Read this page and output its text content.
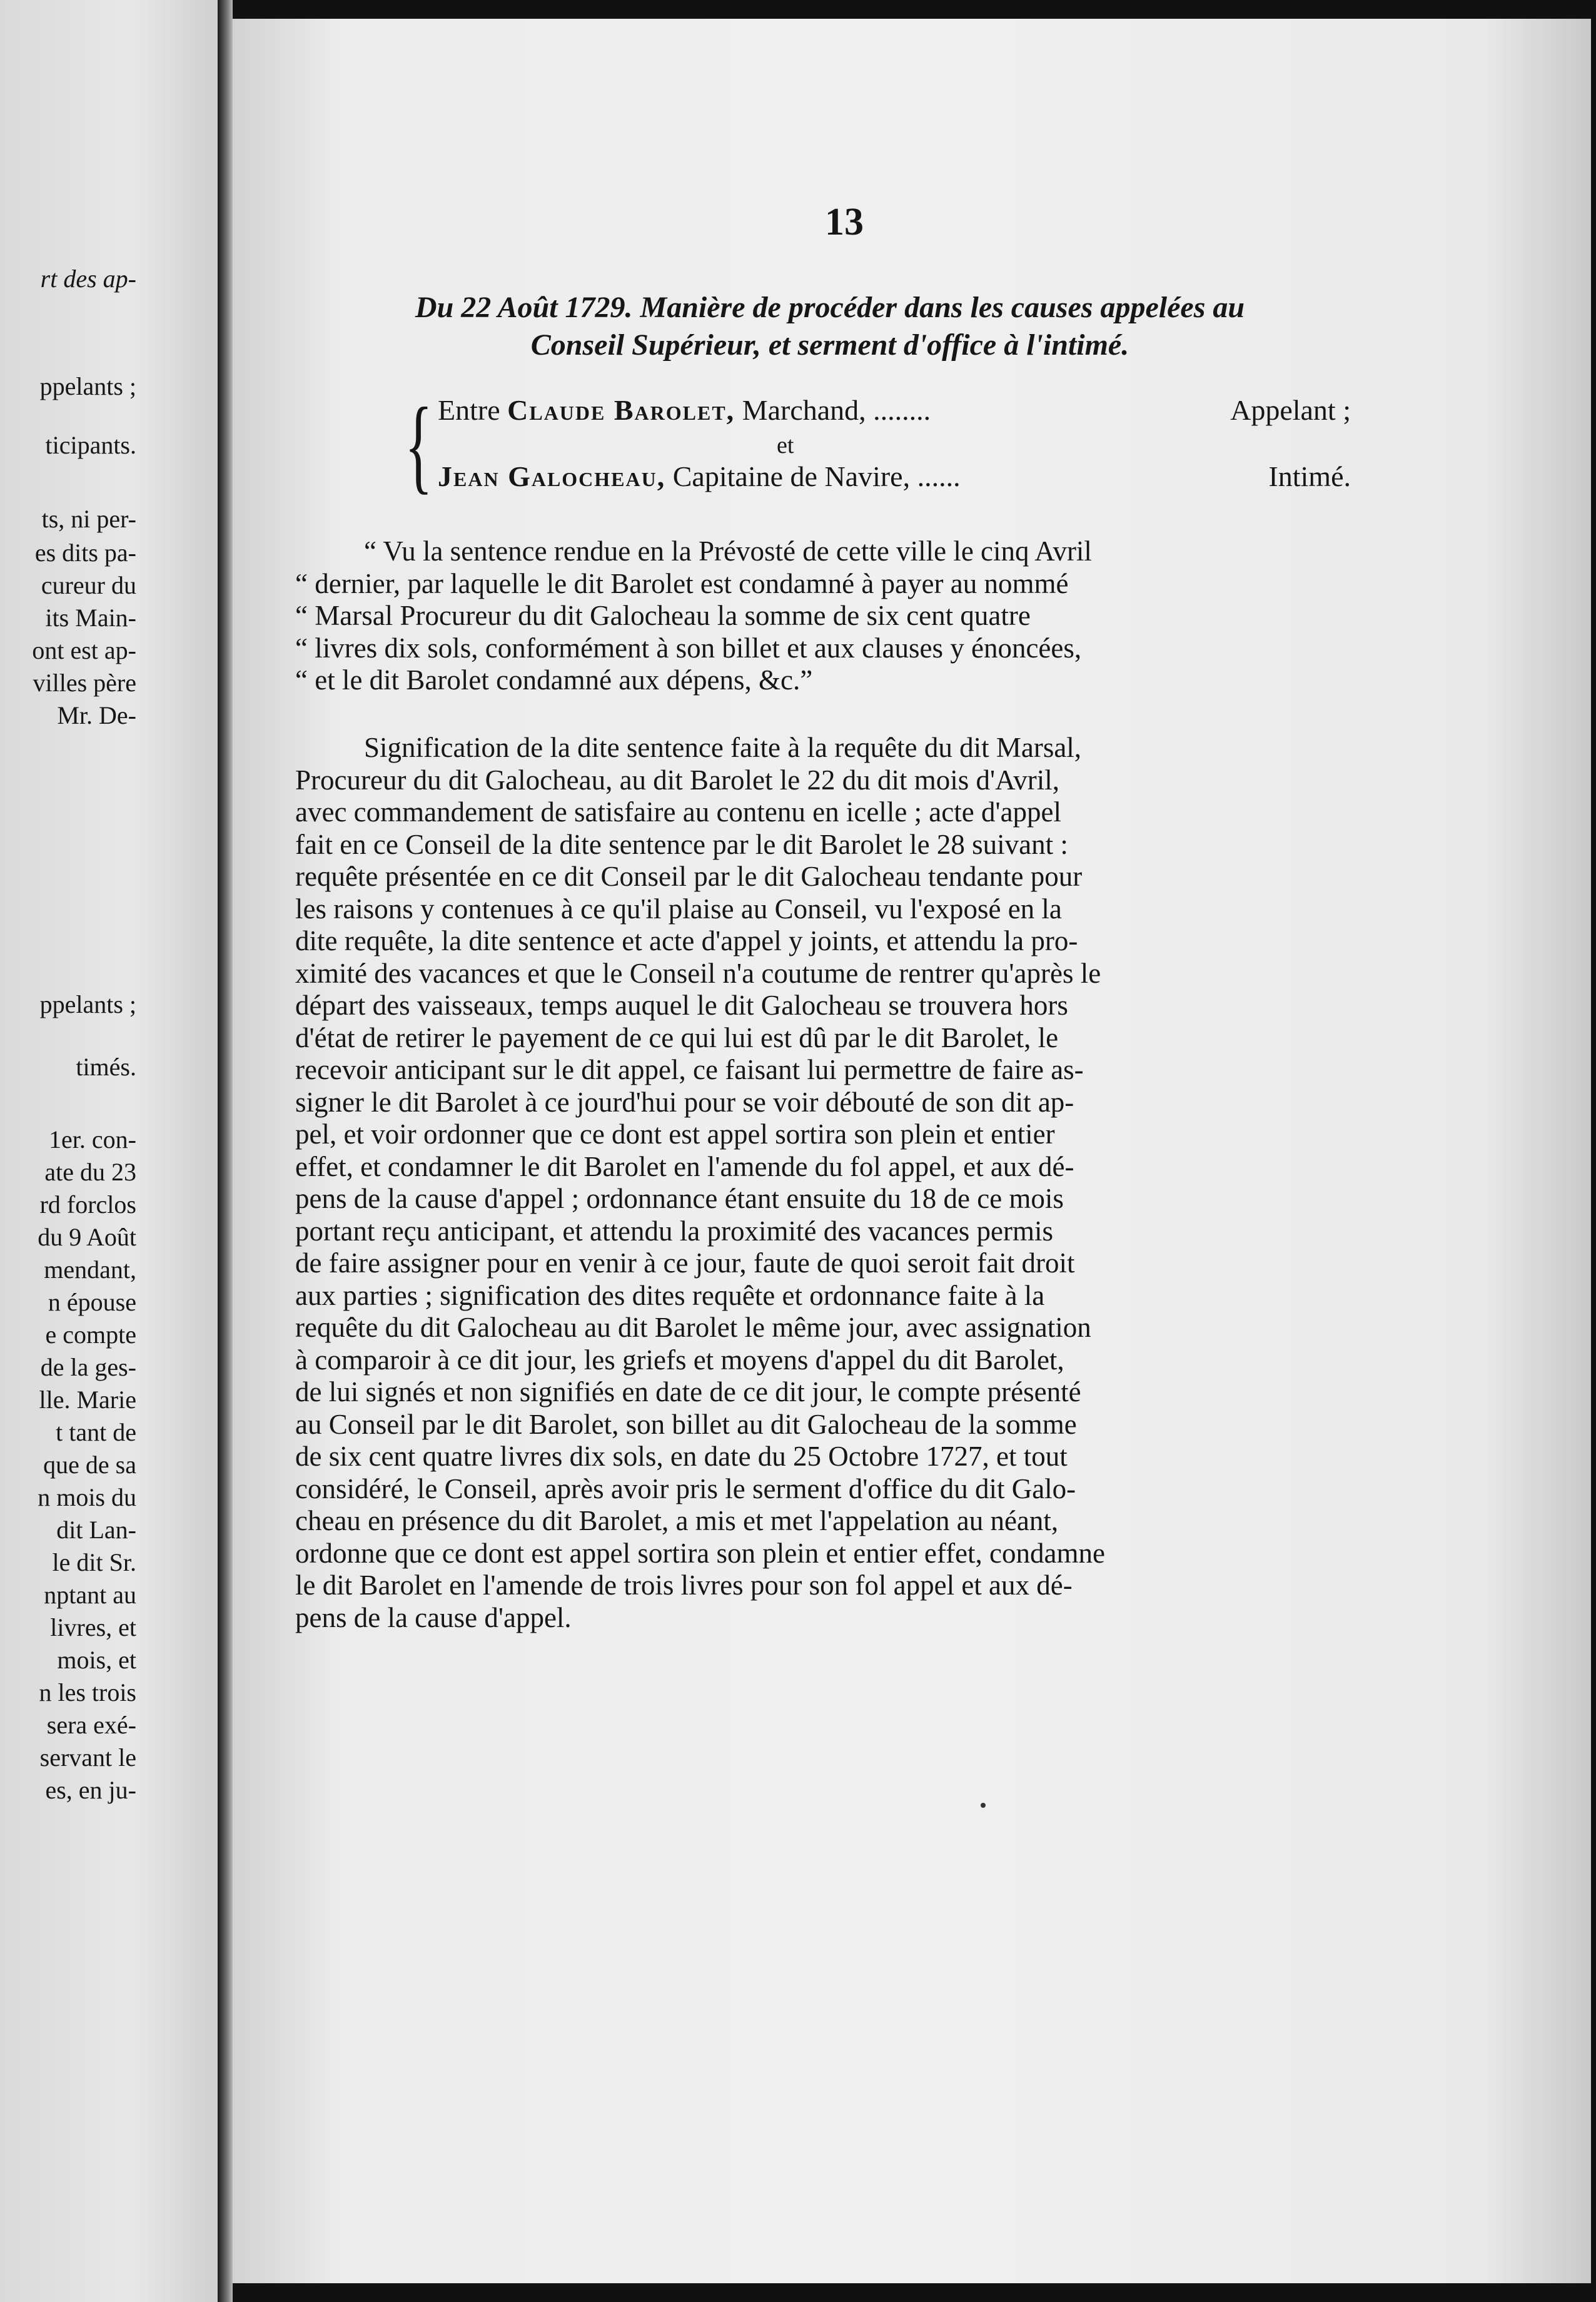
rt des ap-
ppelants ;
ticipants.
ts, ni per-
es dits pa-
cureur du
its Main-
ont est ap-
villes père
Mr. De-
ppelants ;
timés.
1er. con-
ate du 23
rd forclos
du 9 Août
mendant,
n épouse
e compte
de la ges-
lle. Marie
t tant de
que de sa
n mois du
dit Lan-
le dit Sr.
nptant au
livres, et
mois, et
n les trois
sera exé-
servant le
es, en ju-
13
Du 22 Août 1729. Manière de procéder dans les causes appelées au
Conseil Supérieur, et serment d'office à l'intimé.
{ Entre Claude Barolet, Marchand, ........	Appelant ;
et
Jean Galocheau, Capitaine de Navire, ......	Intimé.
“ Vu la sentence rendue en la Prévosté de cette ville le cinq Avril
“ dernier, par laquelle le dit Barolet est condamné à payer au nommé
“ Marsal Procureur du dit Galocheau la somme de six cent quatre
“ livres dix sols, conformément à son billet et aux clauses y énoncées,
“ et le dit Barolet condamné aux dépens, &c.”
Signification de la dite sentence faite à la requête du dit Marsal,
Procureur du dit Galocheau, au dit Barolet le 22 du dit mois d'Avril,
avec commandement de satisfaire au contenu en icelle ; acte d'appel
fait en ce Conseil de la dite sentence par le dit Barolet le 28 suivant :
requête présentée en ce dit Conseil par le dit Galocheau tendante pour
les raisons y contenues à ce qu'il plaise au Conseil, vu l'exposé en la
dite requête, la dite sentence et acte d'appel y joints, et attendu la pro-
ximité des vacances et que le Conseil n'a coutume de rentrer qu'après le
départ des vaisseaux, temps auquel le dit Galocheau se trouvera hors
d'état de retirer le payement de ce qui lui est dû par le dit Barolet, le
recevoir anticipant sur le dit appel, ce faisant lui permettre de faire as-
signer le dit Barolet à ce jourd'hui pour se voir débouté de son dit ap-
pel, et voir ordonner que ce dont est appel sortira son plein et entier
effet, et condamner le dit Barolet en l'amende du fol appel, et aux dé-
pens de la cause d'appel ; ordonnance étant ensuite du 18 de ce mois
portant reçu anticipant, et attendu la proximité des vacances permis
de faire assigner pour en venir à ce jour, faute de quoi seroit fait droit
aux parties ; signification des dites requête et ordonnance faite à la
requête du dit Galocheau au dit Barolet le même jour, avec assignation
à comparoir à ce dit jour, les griefs et moyens d'appel du dit Barolet,
de lui signés et non signifiés en date de ce dit jour, le compte présenté
au Conseil par le dit Barolet, son billet au dit Galocheau de la somme
de six cent quatre livres dix sols, en date du 25 Octobre 1727, et tout
considéré, le Conseil, après avoir pris le serment d'office du dit Galo-
cheau en présence du dit Barolet, a mis et met l'appelation au néant,
ordonne que ce dont est appel sortira son plein et entier effet, condamne
le dit Barolet en l'amende de trois livres pour son fol appel et aux dé-
pens de la cause d'appel.
